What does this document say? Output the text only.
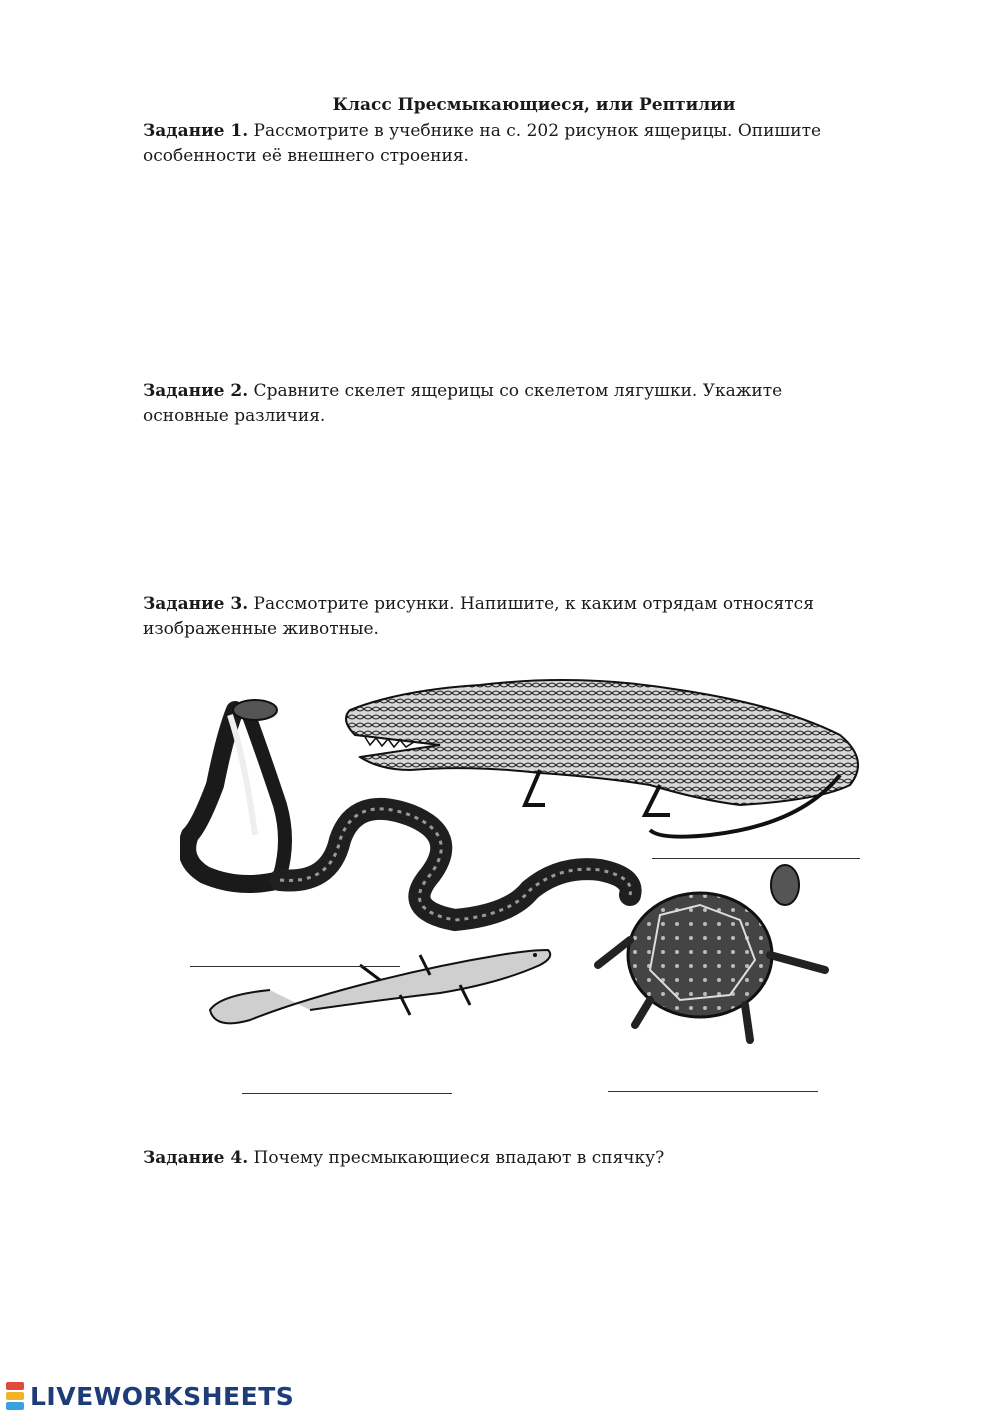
Класс Пресмыкающиеся, или Рептилии
Задание 1. Рассмотрите в учебнике на с. 202 рисунок ящерицы. Опишите особенности её внешнего строения.
Задание 2. Сравните скелет ящерицы со скелетом лягушки. Укажите основные различия.
Задание 3. Рассмотрите рисунки. Напишите, к каким отрядам относятся изображенные животные.
Задание 4. Почему пресмыкающиеся впадают в спячку?
LIVEWORKSHEETS
